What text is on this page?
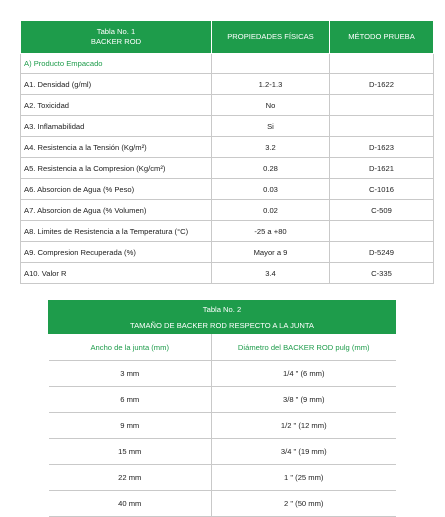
Tabla No. 1
BACKER ROD	PROPIEDADES FÍSICAS	MÉTODO PRUEBA
A) Producto Empacado		
A1. Densidad (g/ml)	1.2-1.3	D-1622
A2. Toxicidad	No	
A3. Inflamabilidad	Si	
A4. Resistencia a la Tensión (Kg/m²)	3.2	D-1623
A5. Resistencia a la Compresion (Kg/cm²)	0.28	D-1621
A6. Absorcion de Agua (% Peso)	0.03	C-1016
A7. Absorcion de Agua (% Volumen)	0.02	C-509
A8. Limites de Resistencia a la Temperatura (°C)	-25 a +80	
A9. Compresion Recuperada (%)	Mayor a 9	D-5249
A10. Valor R	3.4	C-335
Tabla No. 2	
TAMAÑO DE BACKER ROD RESPECTO A LA JUNTA	
Ancho de la junta (mm)	Diámetro del BACKER ROD pulg (mm)
3 mm	1/4 " (6 mm)
6 mm	3/8 " (9 mm)
9 mm	1/2 " (12 mm)
15 mm	3/4 " (19 mm)
22 mm	1 " (25 mm)
40 mm	2 " (50 mm)
